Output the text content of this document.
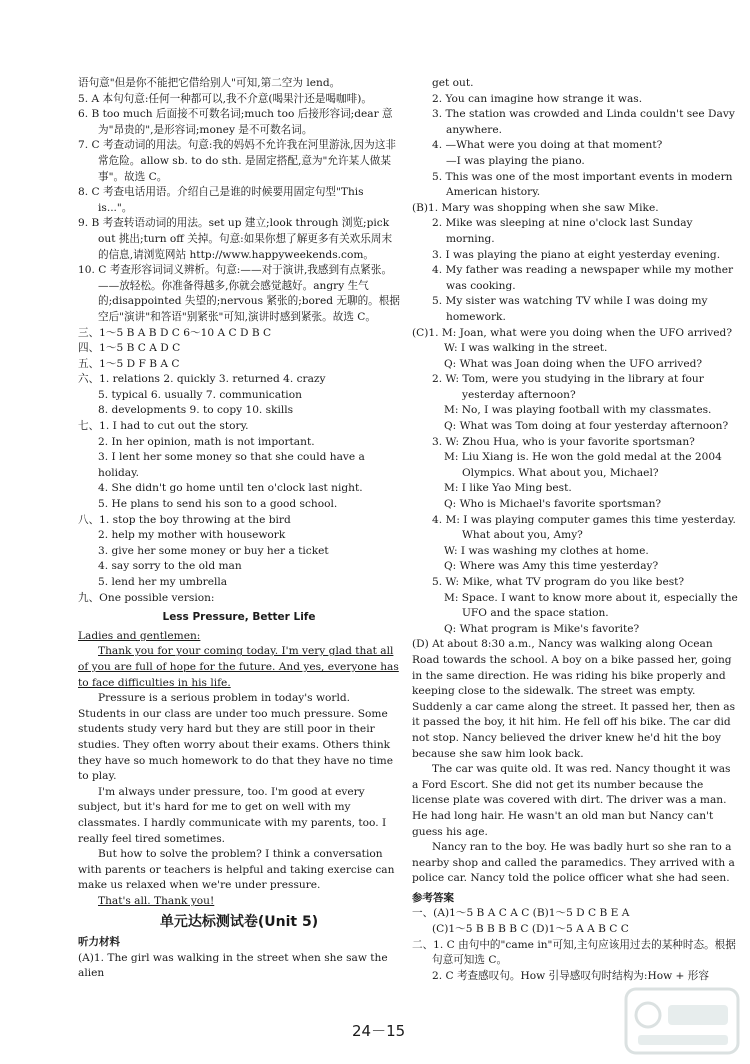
语句意"但是你不能把它借给别人"可知,第二空为 lend。

5. A 本句句意:任何一种都可以,我不介意(喝果汁还是喝咖啡)。

6. B too much 后面接不可数名词;much too 后接形容词;dear 意为"昂贵的",是形容词;money 是不可数名词。

7. C 考查动词的用法。句意:我的妈妈不允许我在河里游泳,因为这非常危险。allow sb. to do sth. 是固定搭配,意为"允许某人做某事"。故选 C。

8. C 考查电话用语。介绍自己是谁的时候要用固定句型"This is..."。

9. B 考查转语动词的用法。set up 建立;look through 浏览;pick out 挑出;turn off 关掉。句意:如果你想了解更多有关欢乐周末的信息,请浏览网站 http://www.happyweekends.com。

10. C 考查形容词词义辨析。句意:——对于演讲,我感到有点紧张。——放轻松。你准备得越多,你就会感觉越好。angry 生气的;disappointed 失望的;nervous 紧张的;bored 无聊的。根据空后"演讲"和答语"别紧张"可知,演讲时感到紧张。故选 C。

三、1～5 B A B D C 6～10 A C D B C

四、1～5 B C A D C

五、1～5 D F B A C

六、1. relations 2. quickly 3. returned 4. crazy

5. typical 6. usually 7. communication

8. developments 9. to copy 10. skills

七、1. I had to cut out the story.

2. In her opinion, math is not important.

3. I lent her some money so that she could have a holiday.

4. She didn't go home until ten o'clock last night.

5. He plans to send his son to a good school.

八、1. stop the boy throwing at the bird

2. help my mother with housework

3. give her some money or buy her a ticket

4. say sorry to the old man

5. lend her my umbrella

九、One possible version:

Less Pressure, Better Life

Ladies and gentlemen:

Thank you for your coming today. I'm very glad that all of you are full of hope for the future. And yes, everyone has to face difficulties in his life.

Pressure is a serious problem in today's world. Students in our class are under too much pressure. Some students study very hard but they are still poor in their studies. They often worry about their exams. Others think they have so much homework to do that they have no time to play.

I'm always under pressure, too. I'm good at every subject, but it's hard for me to get on well with my classmates. I hardly communicate with my parents, too. I really feel tired sometimes.

But how to solve the problem? I think a conversation with parents or teachers is helpful and taking exercise can make us relaxed when we're under pressure.

That's all. Thank you!

单元达标测试卷(Unit 5)

听力材料

(A)1. The girl was walking in the street when she saw the alien

get out.

2. You can imagine how strange it was.

3. The station was crowded and Linda couldn't see Davy anywhere.

4. —What were you doing at that moment?

—I was playing the piano.

5. This was one of the most important events in modern American history.

(B)1. Mary was shopping when she saw Mike.

2. Mike was sleeping at nine o'clock last Sunday morning.

3. I was playing the piano at eight yesterday evening.

4. My father was reading a newspaper while my mother was cooking.

5. My sister was watching TV while I was doing my homework.

(C)1. M: Joan, what were you doing when the UFO arrived?

W: I was walking in the street.

Q: What was Joan doing when the UFO arrived?

2. W: Tom, were you studying in the library at four yesterday afternoon?

M: No, I was playing football with my classmates.

Q: What was Tom doing at four yesterday afternoon?

3. W: Zhou Hua, who is your favorite sportsman?

M: Liu Xiang is. He won the gold medal at the 2004 Olympics. What about you, Michael?

M: I like Yao Ming best.

Q: Who is Michael's favorite sportsman?

4. M: I was playing computer games this time yesterday. What about you, Amy?

W: I was washing my clothes at home.

Q: Where was Amy this time yesterday?

5. W: Mike, what TV program do you like best?

M: Space. I want to know more about it, especially the UFO and the space station.

Q: What program is Mike's favorite?

(D) At about 8:30 a.m., Nancy was walking along Ocean Road towards the school. A boy on a bike passed her, going in the same direction. He was riding his bike properly and keeping close to the sidewalk. The street was empty. Suddenly a car came along the street. It passed her, then as it passed the boy, it hit him. He fell off his bike. The car did not stop. Nancy believed the driver knew he'd hit the boy because she saw him look back.

The car was quite old. It was red. Nancy thought it was a Ford Escort. She did not get its number because the license plate was covered with dirt. The driver was a man. He had long hair. He wasn't an old man but Nancy can't guess his age.

Nancy ran to the boy. He was badly hurt so she ran to a nearby shop and called the paramedics. They arrived with a police car. Nancy told the police officer what she had seen.

参考答案

一、(A)1～5 B A C A C (B)1～5 D C B E A

(C)1～5 B B B B C (D)1～5 A A B C C

二、1. C 由句中的"came in"可知,主句应该用过去的某种时态。根据句意可知选 C。

2. C 考查感叹句。How 引导感叹句时结构为:How + 形容

24－15
